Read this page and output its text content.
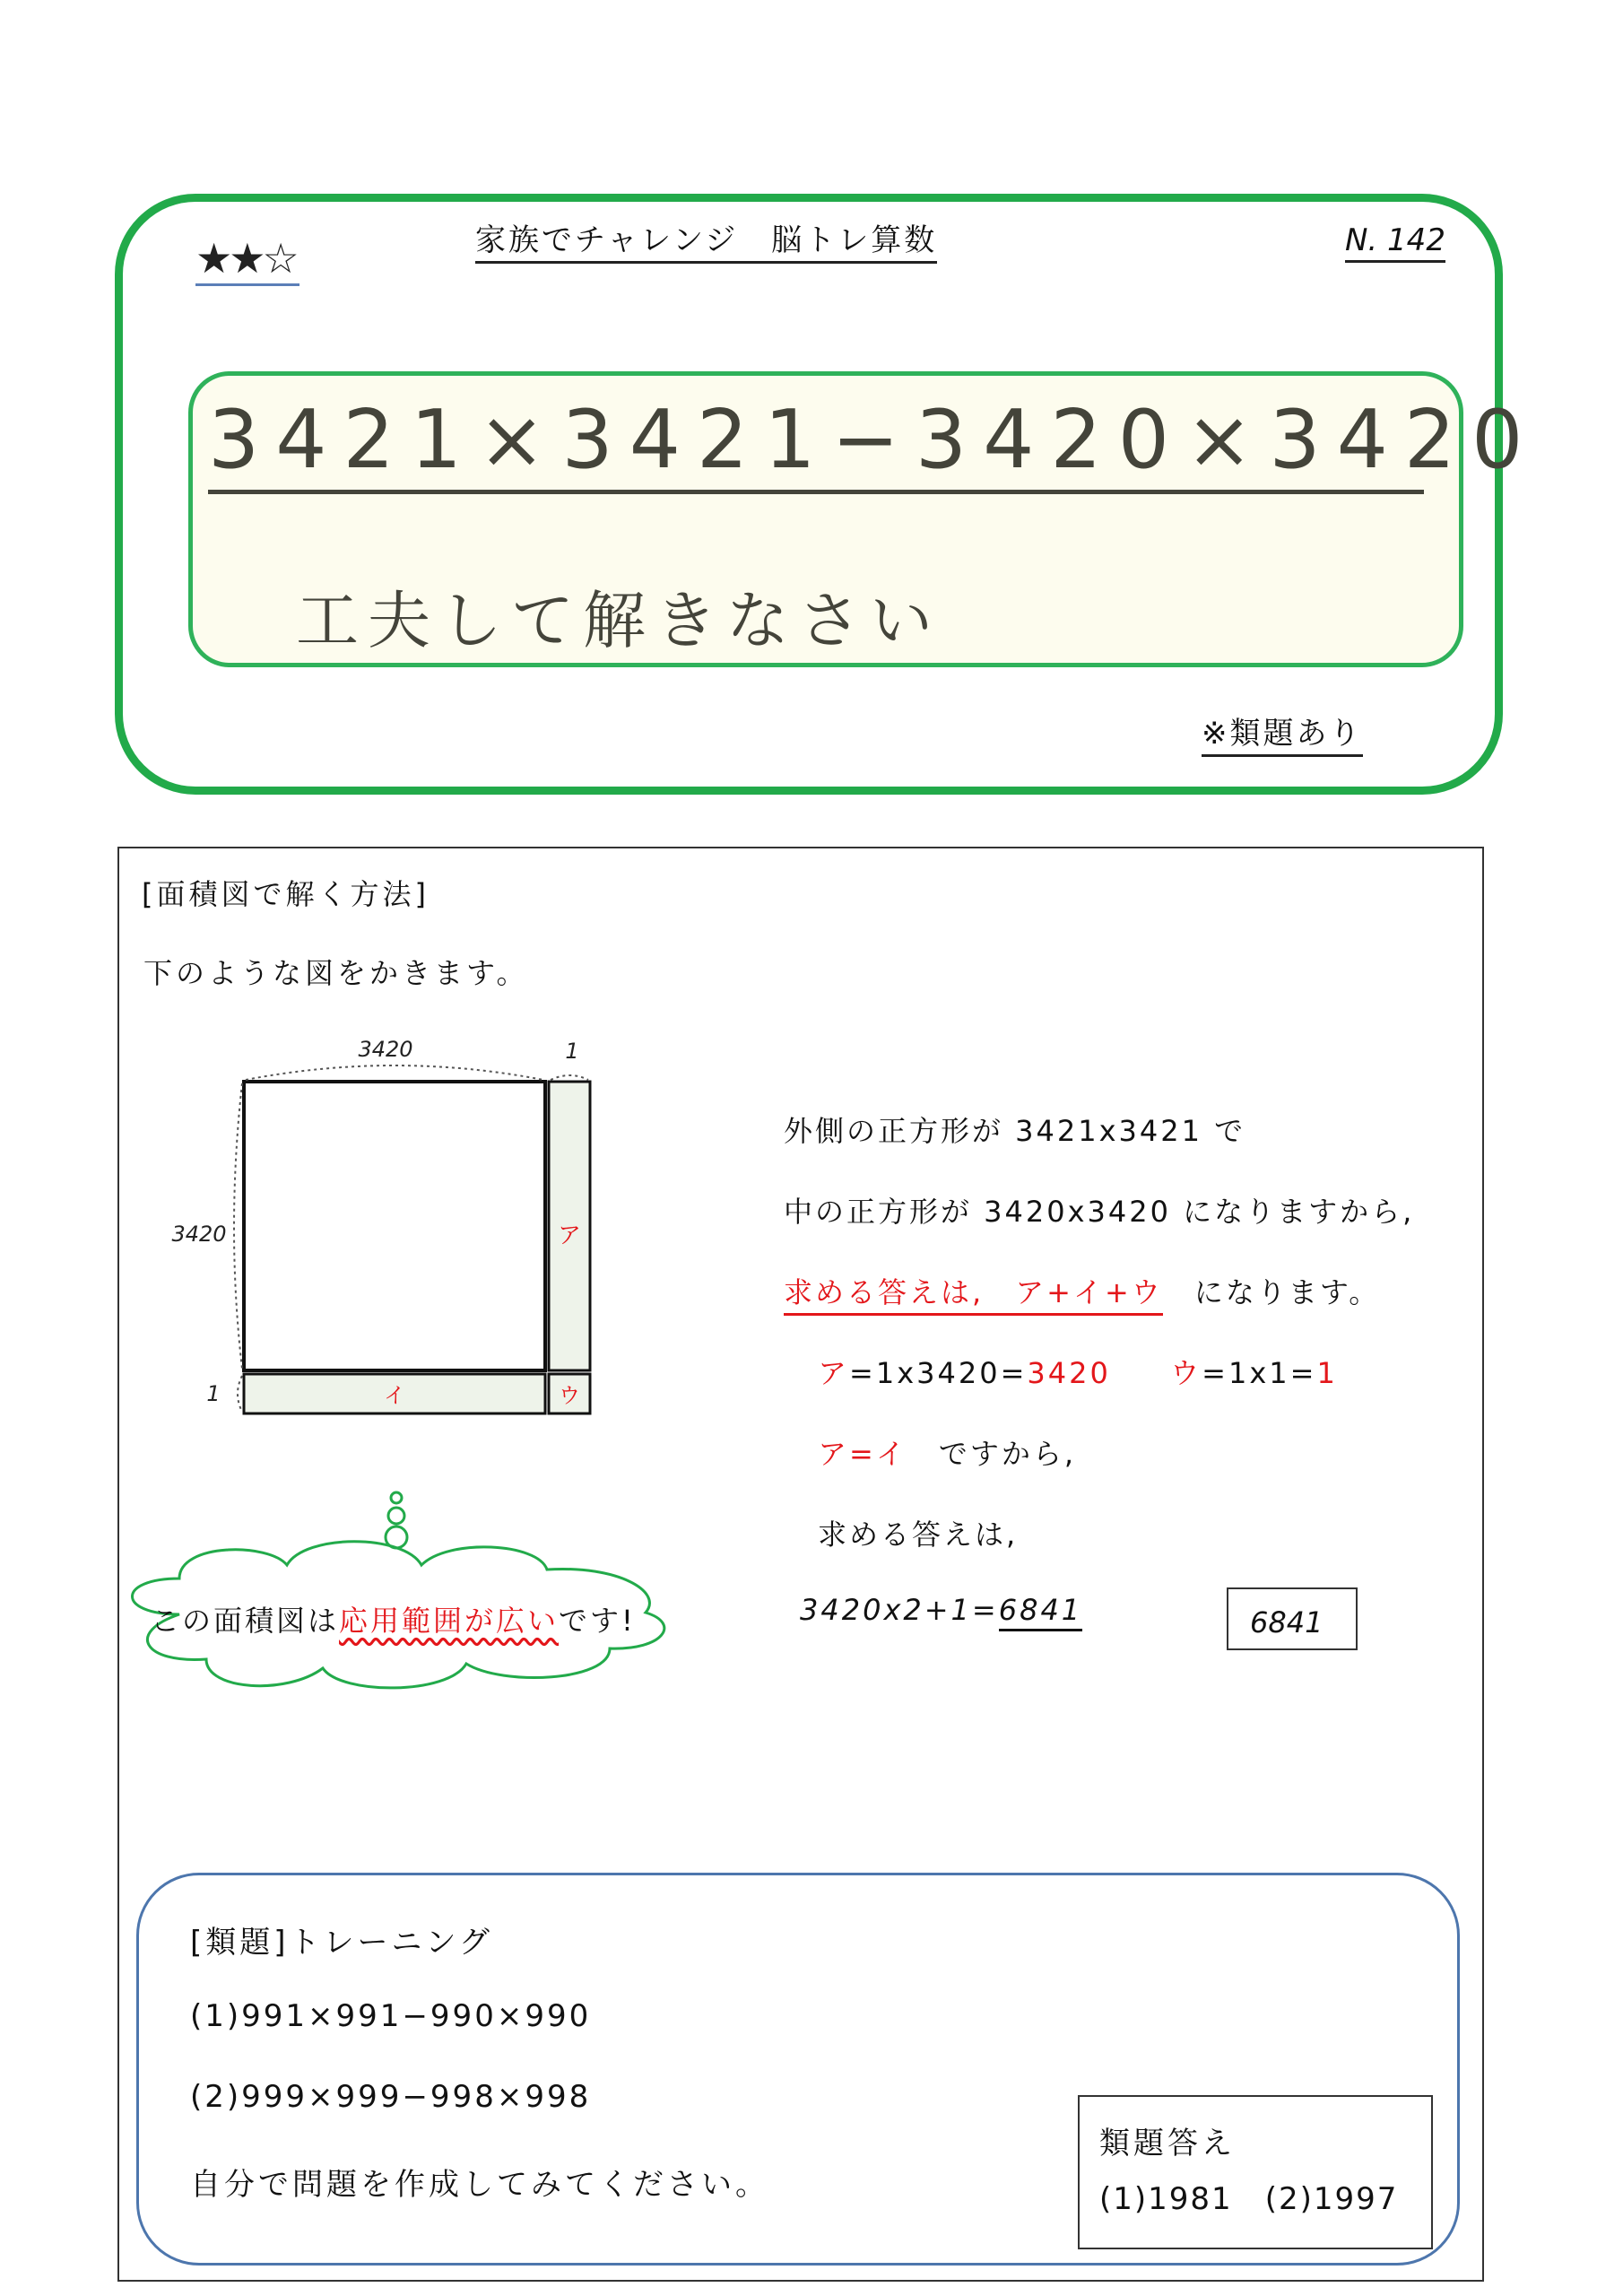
★★☆	家族でチャレンジ　脳トレ算数	N. 142
3421×3421−3420×3420
工夫して解きなさい
※類題あり
[面積図で解く方法]
下のような図をかきます。
3420	1
3420
1
ア
イ	ウ
外側の正方形が 3421x3421 で
中の正方形が 3420x3420 になりますから,
求める答えは,　ア+イ+ウ　になります。
ア=1x3420=3420 ウ=1x1=1
ア=イ　ですから,
求める答えは,
3420x2+1=6841	6841
この面積図は応用範囲が広いです!
[類題]トレーニング
(1)991×991−990×990
(2)999×999−998×998
自分で問題を作成してみてください。
類題答え
(1)1981　(2)1997
